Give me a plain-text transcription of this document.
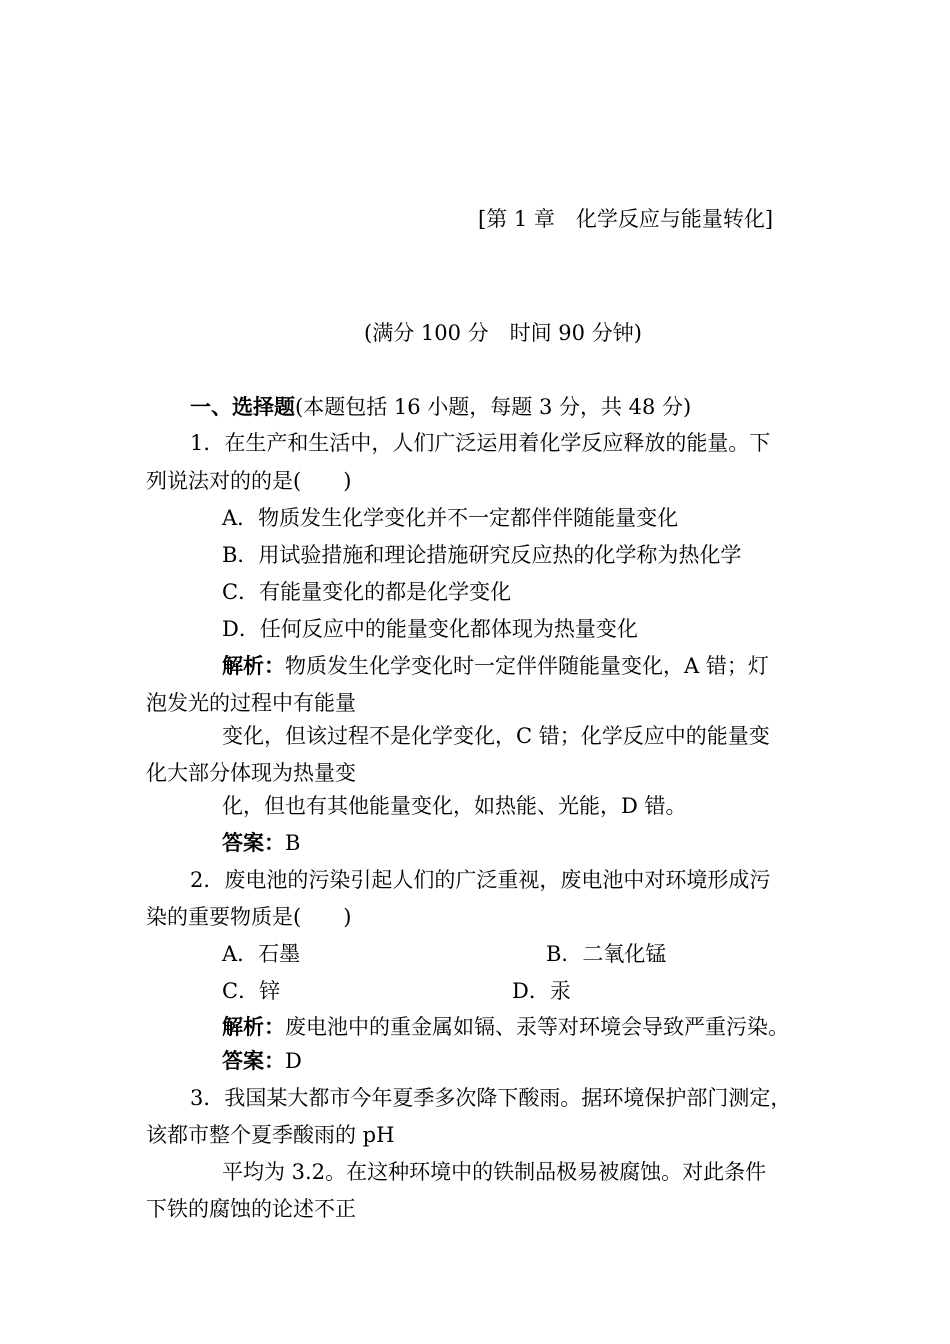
[第 1 章　化学反应与能量转化]
(满分 100 分　时间 90 分钟)
一、选择题(本题包括 16 小题，每题 3 分，共 48 分)
1．在生产和生活中，人们广泛运用着化学反应释放的能量。下
列说法对的的是(　　)
A．物质发生化学变化并不一定都伴伴随能量变化
B．用试验措施和理论措施研究反应热的化学称为热化学
C．有能量变化的都是化学变化
D．任何反应中的能量变化都体现为热量变化
解析：物质发生化学变化时一定伴伴随能量变化，A 错；灯
泡发光的过程中有能量
变化，但该过程不是化学变化，C 错；化学反应中的能量变
化大部分体现为热量变
化，但也有其他能量变化，如热能、光能，D 错。
答案：B
2．废电池的污染引起人们的广泛重视，废电池中对环境形成污
染的重要物质是(　　)
A．石墨	B．二氧化锰
C．锌	D．汞
解析：废电池中的重金属如镉、汞等对环境会导致严重污染。
答案：D
3．我国某大都市今年夏季多次降下酸雨。据环境保护部门测定，
该都市整个夏季酸雨的 pH
平均为 3.2。在这种环境中的铁制品极易被腐蚀。对此条件
下铁的腐蚀的论述不正
